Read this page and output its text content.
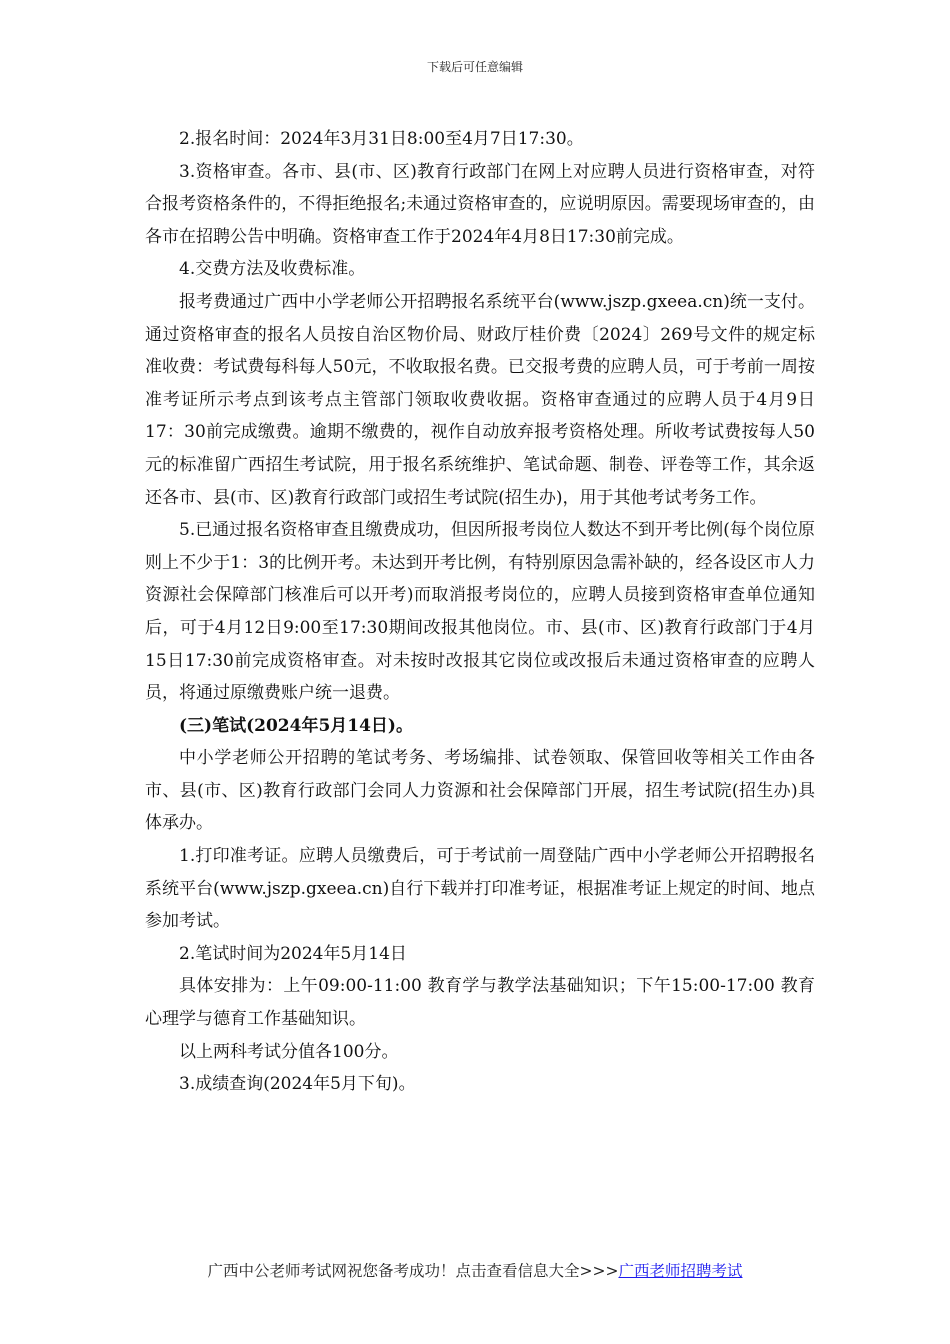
下载后可任意编辑

2.报名时间：2024年3月31日8:00至4月7日17:30。

3.资格审查。各市、县(市、区)教育行政部门在网上对应聘人员进行资格审查，对符合报考资格条件的，不得拒绝报名;未通过资格审查的，应说明原因。需要现场审查的，由各市在招聘公告中明确。资格审查工作于2024年4月8日17:30前完成。

4.交费方法及收费标准。

报考费通过广西中小学老师公开招聘报名系统平台(www.jszp.gxeea.cn)统一支付。通过资格审查的报名人员按自治区物价局、财政厅桂价费〔2024〕269号文件的规定标准收费：考试费每科每人50元，不收取报名费。已交报考费的应聘人员，可于考前一周按准考证所示考点到该考点主管部门领取收费收据。资格审查通过的应聘人员于4月9日17：30前完成缴费。逾期不缴费的，视作自动放弃报考资格处理。所收考试费按每人50元的标准留广西招生考试院，用于报名系统维护、笔试命题、制卷、评卷等工作，其余返还各市、县(市、区)教育行政部门或招生考试院(招生办)，用于其他考试考务工作。

5.已通过报名资格审查且缴费成功，但因所报考岗位人数达不到开考比例(每个岗位原则上不少于1：3的比例开考。未达到开考比例，有特别原因急需补缺的，经各设区市人力资源社会保障部门核准后可以开考)而取消报考岗位的，应聘人员接到资格审查单位通知后，可于4月12日9:00至17:30期间改报其他岗位。市、县(市、区)教育行政部门于4月15日17:30前完成资格审查。对未按时改报其它岗位或改报后未通过资格审查的应聘人员，将通过原缴费账户统一退费。

(三)笔试(2024年5月14日)。

中小学老师公开招聘的笔试考务、考场编排、试卷领取、保管回收等相关工作由各市、县(市、区)教育行政部门会同人力资源和社会保障部门开展，招生考试院(招生办)具体承办。

1.打印准考证。应聘人员缴费后，可于考试前一周登陆广西中小学老师公开招聘报名系统平台(www.jszp.gxeea.cn)自行下载并打印准考证，根据准考证上规定的时间、地点参加考试。

2.笔试时间为2024年5月14日

具体安排为：上午09:00-11:00 教育学与教学法基础知识；下午15:00-17:00 教育心理学与德育工作基础知识。

以上两科考试分值各100分。

3.成绩查询(2024年5月下旬)。

广西中公老师考试网祝您备考成功！点击查看信息大全>>>广西老师招聘考试
